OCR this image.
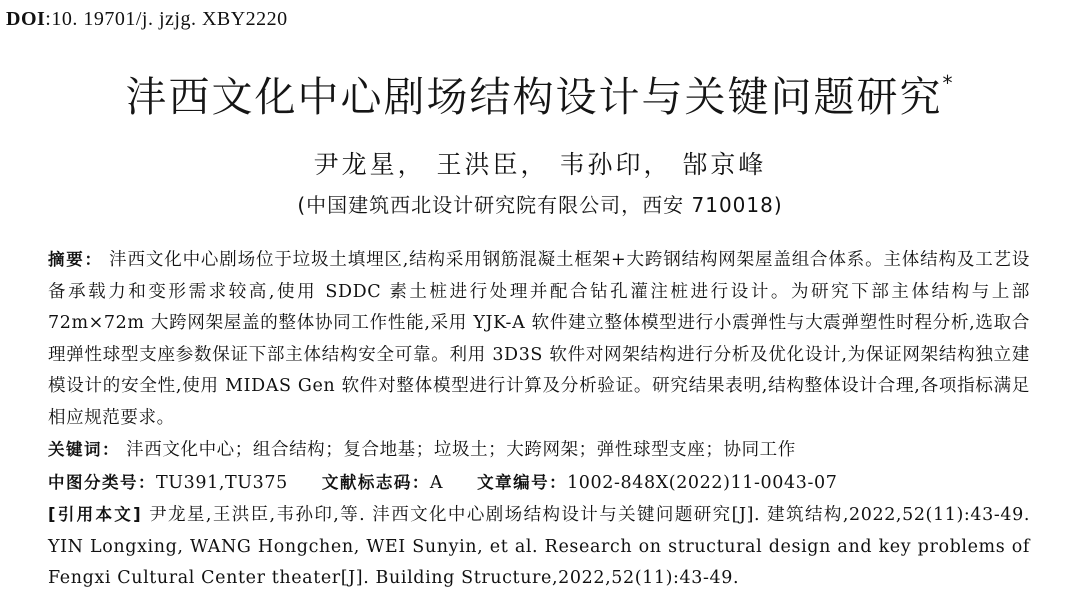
DOI:10. 19701/j. jzjg. XBY2220
沣西文化中心剧场结构设计与关键问题研究*
尹龙星， 王洪臣， 韦孙印， 郜京峰
(中国建筑西北设计研究院有限公司，西安 710018)

摘要： 沣西文化中心剧场位于垃圾土填埋区,结构采用钢筋混凝土框架+大跨钢结构网架屋盖组合体系。主体结构及工艺设备承载力和变形需求较高,使用 SDDC 素土桩进行处理并配合钻孔灌注桩进行设计。为研究下部主体结构与上部 72m×72m 大跨网架屋盖的整体协同工作性能,采用 YJK-A 软件建立整体模型进行小震弹性与大震弹塑性时程分析,选取合理弹性球型支座参数保证下部主体结构安全可靠。利用 3D3S 软件对网架结构进行分析及优化设计,为保证网架结构独立建模设计的安全性,使用 MIDAS Gen 软件对整体模型进行计算及分析验证。研究结果表明,结构整体设计合理,各项指标满足相应规范要求。

关键词： 沣西文化中心；组合结构；复合地基；垃圾土；大跨网架；弹性球型支座；协同工作

中图分类号：TU391,TU375 文献标志码：A 文章编号：1002-848X(2022)11-0043-07

[引用本文] 尹龙星,王洪臣,韦孙印,等. 沣西文化中心剧场结构设计与关键问题研究[J]. 建筑结构,2022,52(11):43-49. YIN Longxing, WANG Hongchen, WEI Sunyin, et al. Research on structural design and key problems of Fengxi Cultural Center theater[J]. Building Structure,2022,52(11):43-49.
